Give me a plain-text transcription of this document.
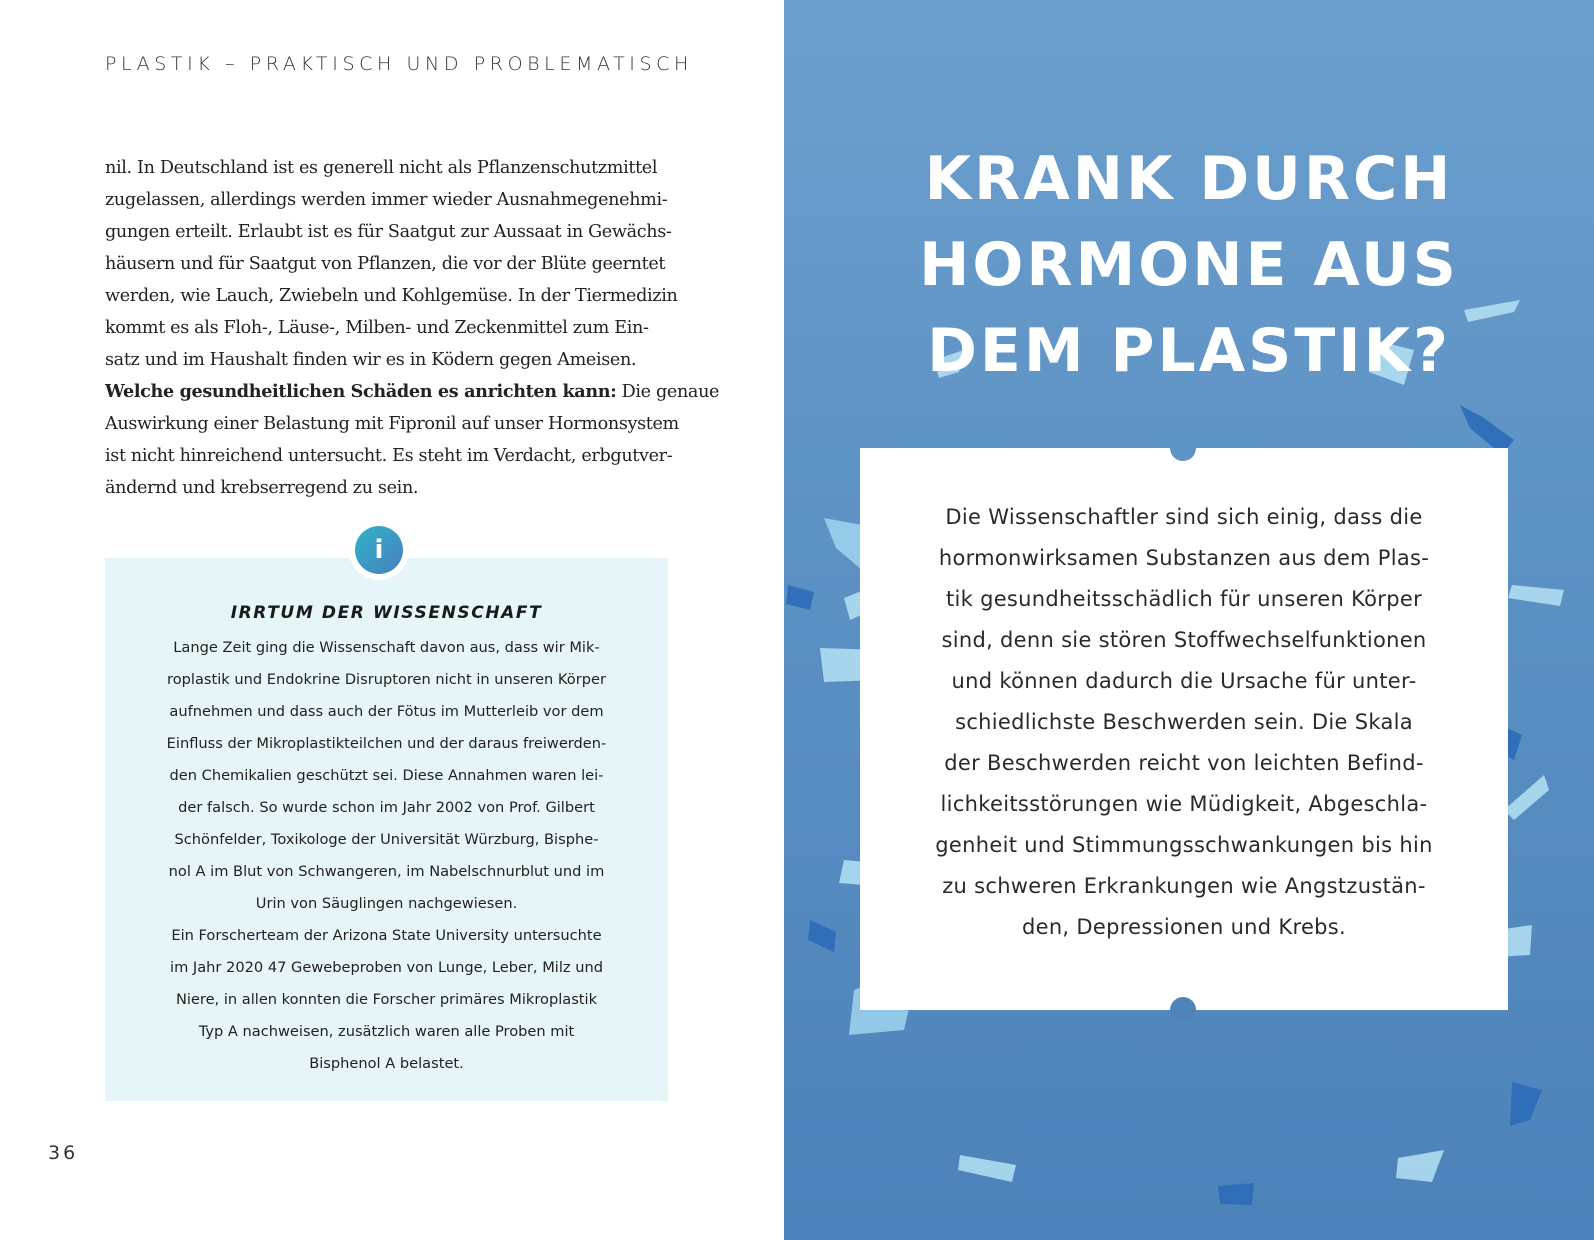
PLASTIK – PRAKTISCH UND PROBLEMATISCH
nil. In Deutschland ist es generell nicht als Pflanzenschutzmittel
zugelassen, allerdings werden immer wieder Ausnahmegenehmi-
gungen erteilt. Erlaubt ist es für Saatgut zur Aussaat in Gewächs-
häusern und für Saatgut von Pflanzen, die vor der Blüte geerntet
werden, wie Lauch, Zwiebeln und Kohlgemüse. In der Tiermedizin
kommt es als Floh-, Läuse-, Milben- und Zeckenmittel zum Ein-
satz und im Haushalt finden wir es in Ködern gegen Ameisen.
Welche gesundheitlichen Schäden es anrichten kann: Die genaue
Auswirkung einer Belastung mit Fipronil auf unser Hormonsystem
ist nicht hinreichend untersucht. Es steht im Verdacht, erbgutver-
ändernd und krebserregend zu sein.
i
IRRTUM DER WISSENSCHAFT
Lange Zeit ging die Wissenschaft davon aus, dass wir Mik-
roplastik und Endokrine Disruptoren nicht in unseren Körper
aufnehmen und dass auch der Fötus im Mutterleib vor dem
Einfluss der Mikroplastikteilchen und der daraus freiwerden-
den Chemikalien geschützt sei. Diese Annahmen waren lei-
der falsch. So wurde schon im Jahr 2002 von Prof. Gilbert
Schönfelder, Toxikologe der Universität Würzburg, Bisphe-
nol A im Blut von Schwangeren, im Nabelschnurblut und im
Urin von Säuglingen nachgewiesen.
Ein Forscherteam der Arizona State University untersuchte
im Jahr 2020 47 Gewebeproben von Lunge, Leber, Milz und
Niere, in allen konnten die Forscher primäres Mikroplastik
Typ A nachweisen, zusätzlich waren alle Proben mit
Bisphenol A belastet.
36
KRANK DURCH
HORMONE AUS
DEM PLASTIK?
Die Wissenschaftler sind sich einig, dass die
hormonwirksamen Substanzen aus dem Plas-
tik gesundheitsschädlich für unseren Körper
sind, denn sie stören Stoffwechselfunktionen
und können dadurch die Ursache für unter-
schiedlichste Beschwerden sein. Die Skala
der Beschwerden reicht von leichten Befind-
lichkeitsstörungen wie Müdigkeit, Abgeschla-
genheit und Stimmungsschwankungen bis hin
zu schweren Erkrankungen wie Angstzustän-
den, Depressionen und Krebs.
